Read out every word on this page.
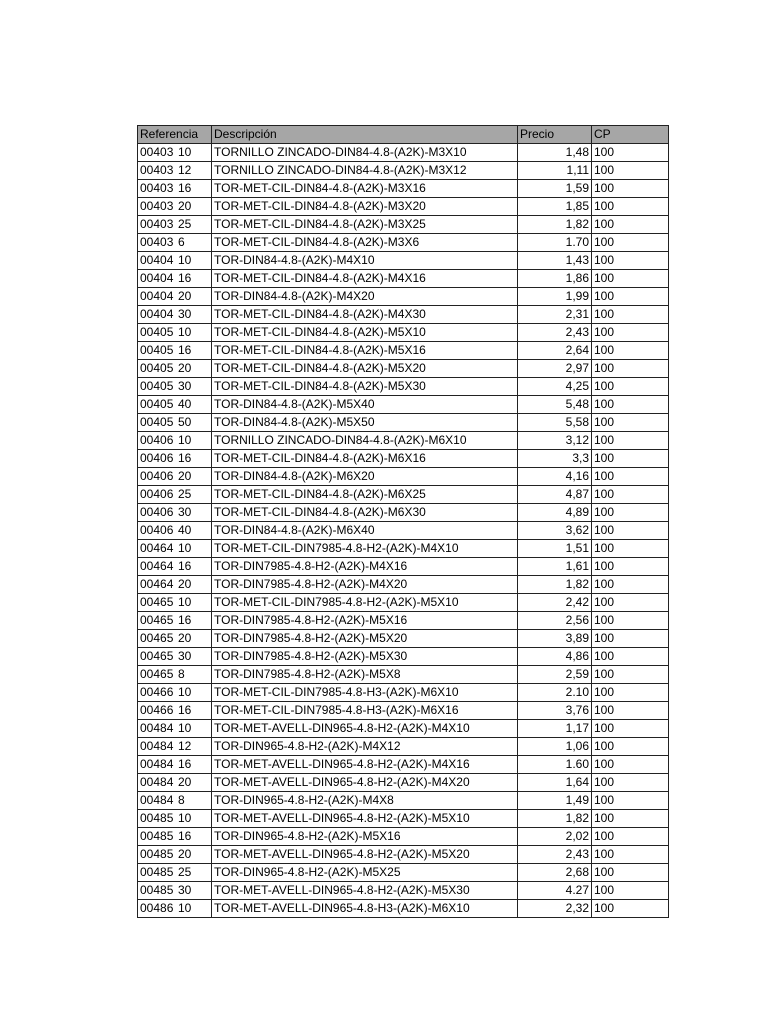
Referencia	Descripción	Precio	CP
00403 10	TORNILLO ZINCADO-DIN84-4.8-(A2K)-M3X10	1,48	100
00403 12	TORNILLO ZINCADO-DIN84-4.8-(A2K)-M3X12	1,11	100
00403 16	TOR-MET-CIL-DIN84-4.8-(A2K)-M3X16	1,59	100
00403 20	TOR-MET-CIL-DIN84-4.8-(A2K)-M3X20	1,85	100
00403 25	TOR-MET-CIL-DIN84-4.8-(A2K)-M3X25	1,82	100
00403 6	TOR-MET-CIL-DIN84-4.8-(A2K)-M3X6	1.70	100
00404 10	TOR-DIN84-4.8-(A2K)-M4X10	1,43	100
00404 16	TOR-MET-CIL-DIN84-4.8-(A2K)-M4X16	1,86	100
00404 20	TOR-DIN84-4.8-(A2K)-M4X20	1,99	100
00404 30	TOR-MET-CIL-DIN84-4.8-(A2K)-M4X30	2,31	100
00405 10	TOR-MET-CIL-DIN84-4.8-(A2K)-M5X10	2,43	100
00405 16	TOR-MET-CIL-DIN84-4.8-(A2K)-M5X16	2,64	100
00405 20	TOR-MET-CIL-DIN84-4.8-(A2K)-M5X20	2,97	100
00405 30	TOR-MET-CIL-DIN84-4.8-(A2K)-M5X30	4,25	100
00405 40	TOR-DIN84-4.8-(A2K)-M5X40	5,48	100
00405 50	TOR-DIN84-4.8-(A2K)-M5X50	5,58	100
00406 10	TORNILLO ZINCADO-DIN84-4.8-(A2K)-M6X10	3,12	100
00406 16	TOR-MET-CIL-DIN84-4.8-(A2K)-M6X16	3,3	100
00406 20	TOR-DIN84-4.8-(A2K)-M6X20	4,16	100
00406 25	TOR-MET-CIL-DIN84-4.8-(A2K)-M6X25	4,87	100
00406 30	TOR-MET-CIL-DIN84-4.8-(A2K)-M6X30	4,89	100
00406 40	TOR-DIN84-4.8-(A2K)-M6X40	3,62	100
00464 10	TOR-MET-CIL-DIN7985-4.8-H2-(A2K)-M4X10	1,51	100
00464 16	TOR-DIN7985-4.8-H2-(A2K)-M4X16	1,61	100
00464 20	TOR-DIN7985-4.8-H2-(A2K)-M4X20	1,82	100
00465 10	TOR-MET-CIL-DIN7985-4.8-H2-(A2K)-M5X10	2,42	100
00465 16	TOR-DIN7985-4.8-H2-(A2K)-M5X16	2,56	100
00465 20	TOR-DIN7985-4.8-H2-(A2K)-M5X20	3,89	100
00465 30	TOR-DIN7985-4.8-H2-(A2K)-M5X30	4,86	100
00465 8	TOR-DIN7985-4.8-H2-(A2K)-M5X8	2,59	100
00466 10	TOR-MET-CIL-DIN7985-4.8-H3-(A2K)-M6X10	2.10	100
00466 16	TOR-MET-CIL-DIN7985-4.8-H3-(A2K)-M6X16	3,76	100
00484 10	TOR-MET-AVELL-DIN965-4.8-H2-(A2K)-M4X10	1,17	100
00484 12	TOR-DIN965-4.8-H2-(A2K)-M4X12	1,06	100
00484 16	TOR-MET-AVELL-DIN965-4.8-H2-(A2K)-M4X16	1.60	100
00484 20	TOR-MET-AVELL-DIN965-4.8-H2-(A2K)-M4X20	1,64	100
00484 8	TOR-DIN965-4.8-H2-(A2K)-M4X8	1,49	100
00485 10	TOR-MET-AVELL-DIN965-4.8-H2-(A2K)-M5X10	1,82	100
00485 16	TOR-DIN965-4.8-H2-(A2K)-M5X16	2,02	100
00485 20	TOR-MET-AVELL-DIN965-4.8-H2-(A2K)-M5X20	2,43	100
00485 25	TOR-DIN965-4.8-H2-(A2K)-M5X25	2,68	100
00485 30	TOR-MET-AVELL-DIN965-4.8-H2-(A2K)-M5X30	4.27	100
00486 10	TOR-MET-AVELL-DIN965-4.8-H3-(A2K)-M6X10	2,32	100
